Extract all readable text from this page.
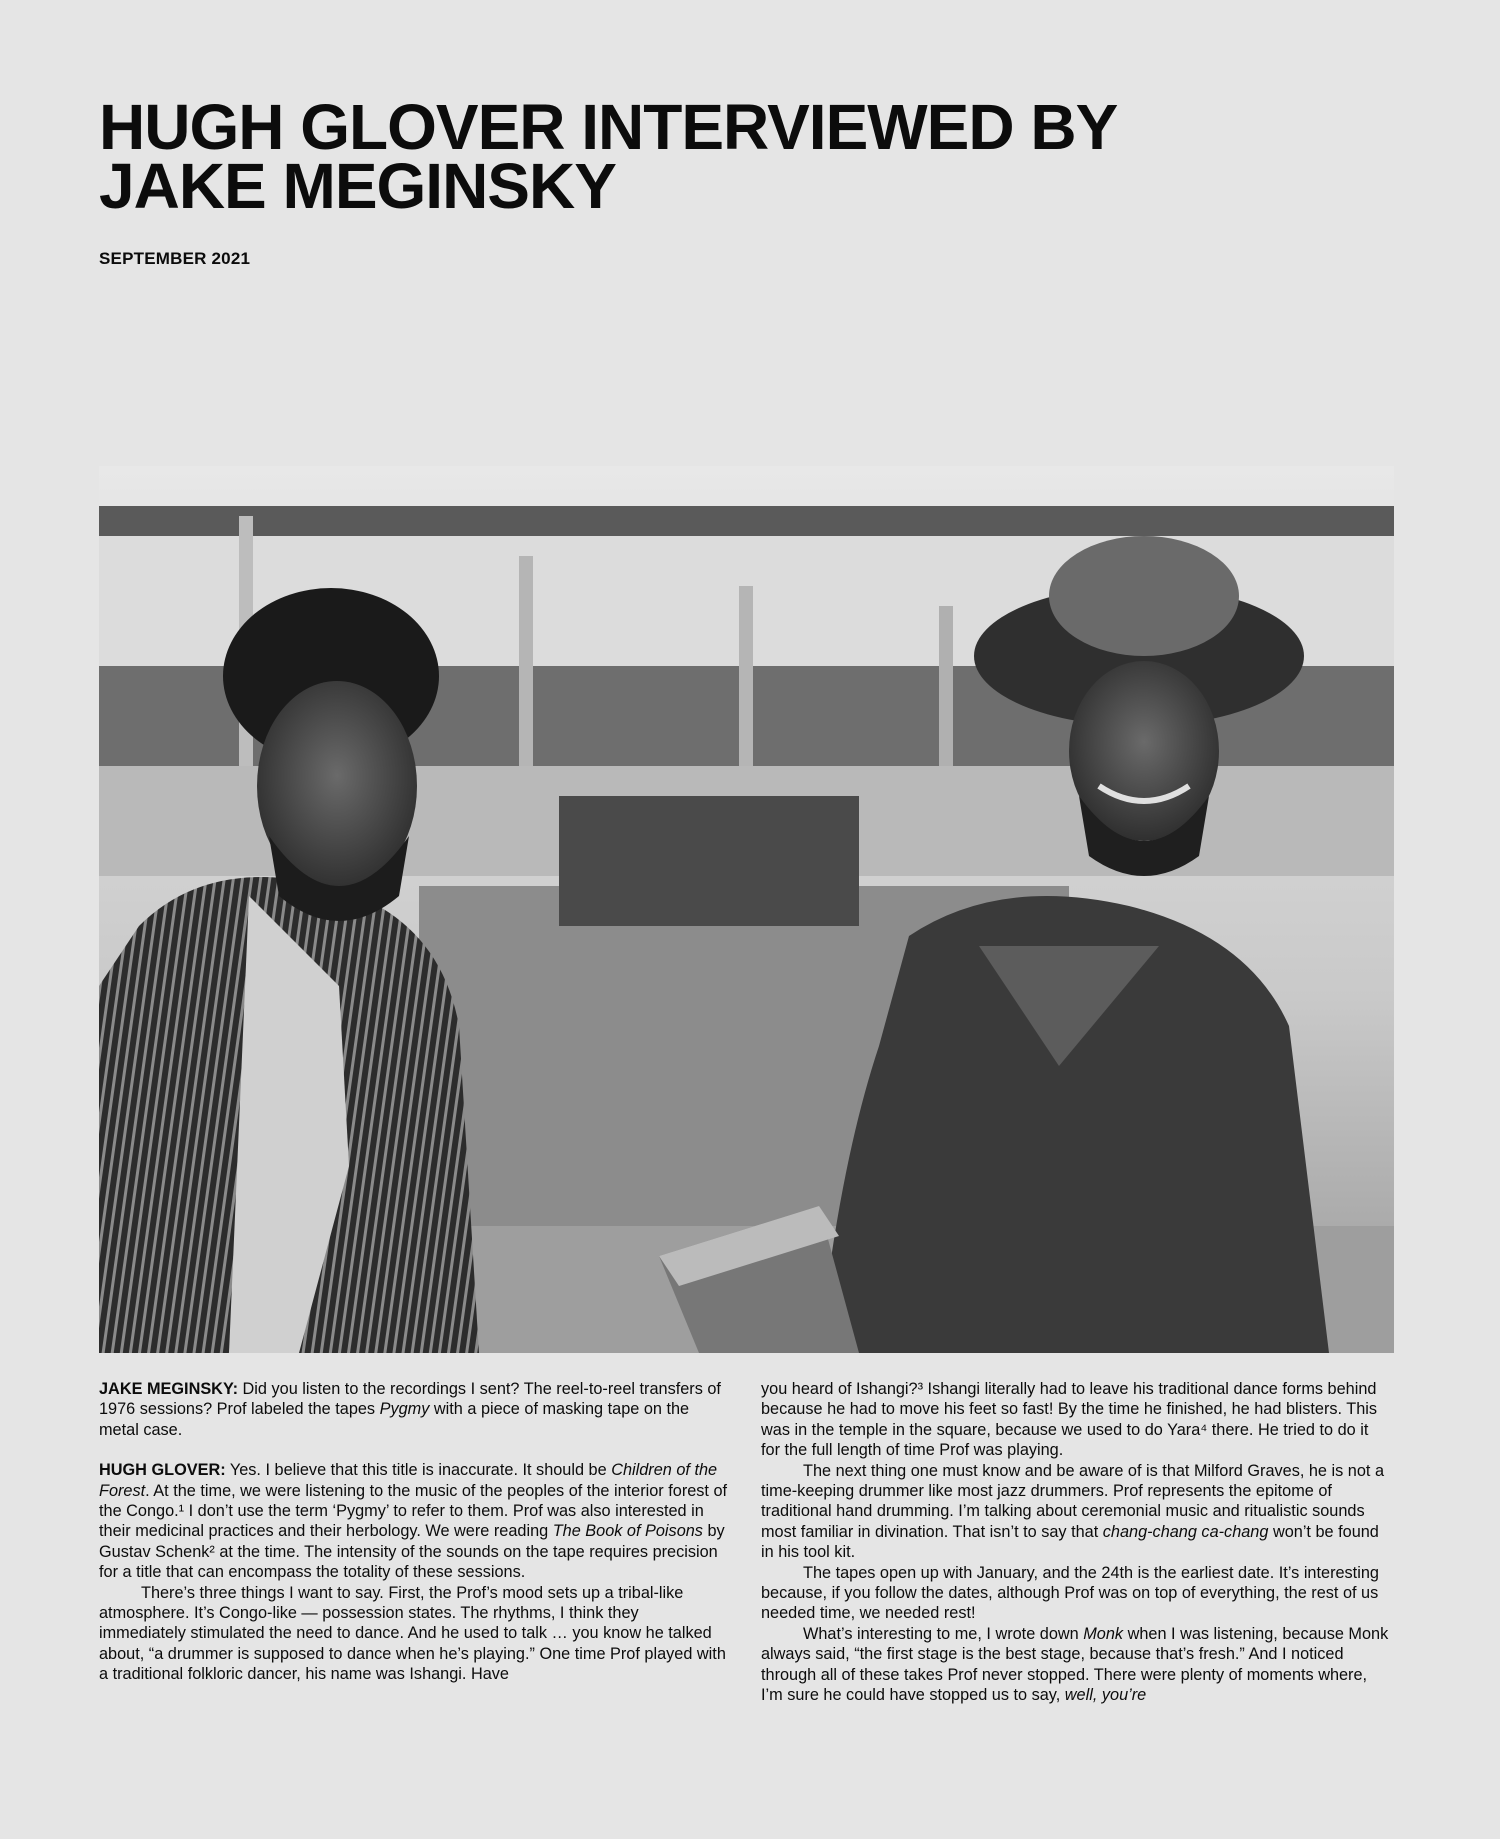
HUGH GLOVER INTERVIEWED BY
JAKE MEGINSKY
SEPTEMBER 2021

JAKE MEGINSKY: Did you listen to the recordings I sent? The reel-to-reel transfers of 1976 sessions? Prof labeled the tapes Pygmy with a piece of masking tape on the metal case.

HUGH GLOVER: Yes. I believe that this title is inaccurate. It should be Children of the Forest. At the time, we were listening to the music of the peoples of the interior forest of the Congo.¹ I don’t use the term ‘Pygmy’ to refer to them. Prof was also interested in their medicinal practices and their herbology. We were reading The Book of Poisons by Gustav Schenk² at the time. The intensity of the sounds on the tape requires precision for a title that can encompass the totality of these sessions.

There’s three things I want to say. First, the Prof’s mood sets up a tribal-like atmosphere. It’s Congo-like — possession states. The rhythms, I think they immediately stimulated the need to dance. And he used to talk … you know he talked about, “a drummer is supposed to dance when he’s playing.” One time Prof played with a traditional folkloric dancer, his name was Ishangi. Have

you heard of Ishangi?³ Ishangi literally had to leave his traditional dance forms behind because he had to move his feet so fast! By the time he finished, he had blisters. This was in the temple in the square, because we used to do Yara⁴ there. He tried to do it for the full length of time Prof was playing.

The next thing one must know and be aware of is that Milford Graves, he is not a time-keeping drummer like most jazz drummers. Prof represents the epitome of traditional hand drumming. I’m talking about ceremonial music and ritualistic sounds most familiar in divination. That isn’t to say that chang-chang ca-chang won’t be found in his tool kit.

The tapes open up with January, and the 24th is the earliest date. It’s interesting because, if you follow the dates, although Prof was on top of everything, the rest of us needed time, we needed rest!

What’s interesting to me, I wrote down Monk when I was listening, because Monk always said, “the first stage is the best stage, because that’s fresh.” And I noticed through all of these takes Prof never stopped. There were plenty of moments where, I’m sure he could have stopped us to say, well, you’re
